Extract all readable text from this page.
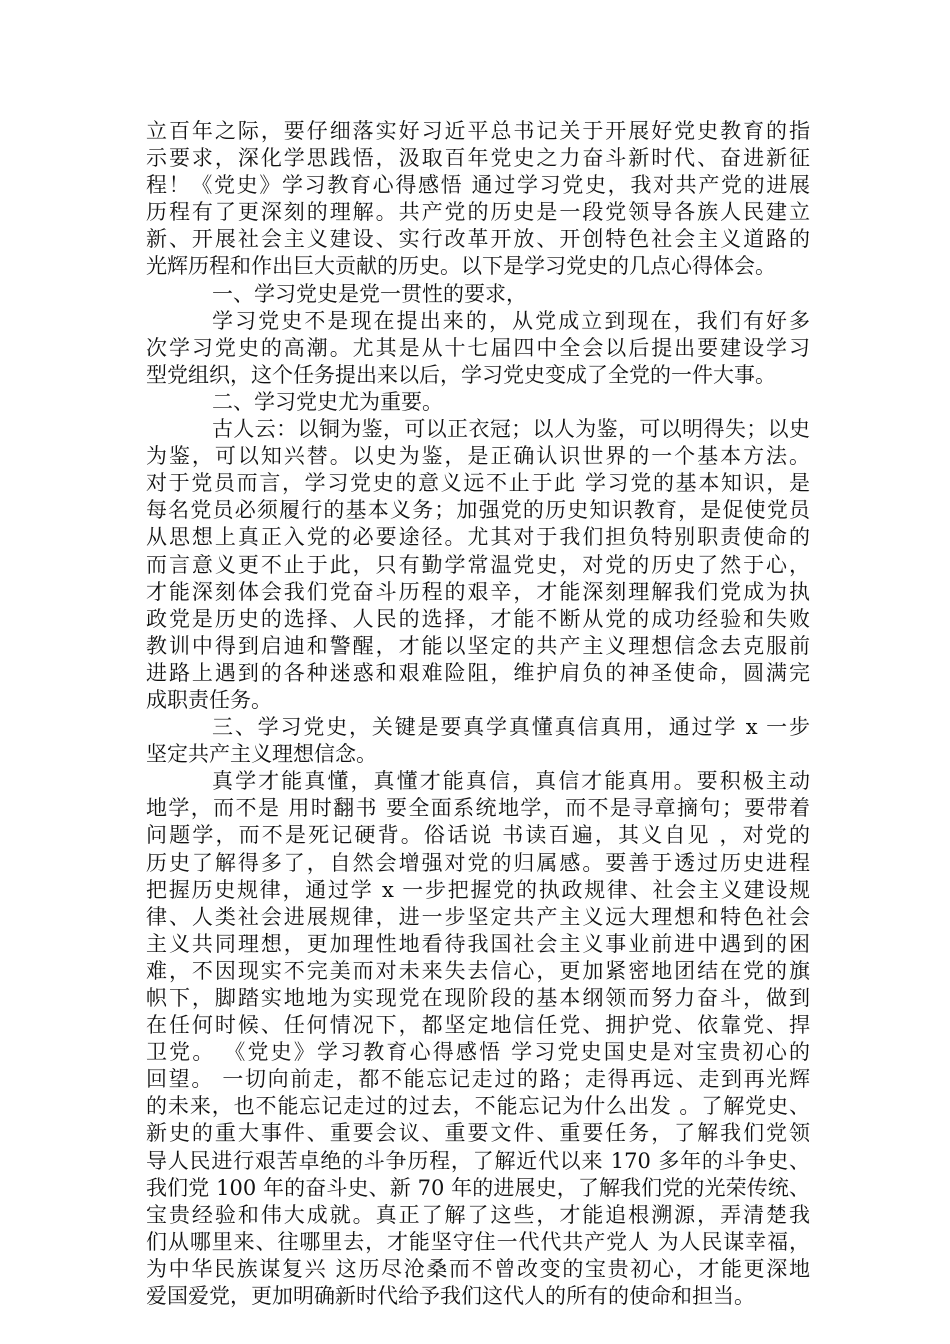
立百年之际，要仔细落实好习近平总书记关于开展好党史教育的指
示要求，深化学思践悟，汲取百年党史之力奋斗新时代、奋进新征
程！《党史》学习教育心得感悟 通过学习党史，我对共产党的进展
历程有了更深刻的理解。共产党的历史是一段党领导各族人民建立
新、开展社会主义建设、实行改革开放、开创特色社会主义道路的
光辉历程和作出巨大贡献的历史。以下是学习党史的几点心得体会。
一、学习党史是党一贯性的要求，
学习党史不是现在提出来的，从党成立到现在，我们有好多
次学习党史的高潮。尤其是从十七届四中全会以后提出要建设学习
型党组织，这个任务提出来以后，学习党史变成了全党的一件大事。
二、学习党史尤为重要。
古人云：以铜为鉴，可以正衣冠；以人为鉴，可以明得失；以史
为鉴，可以知兴替。以史为鉴，是正确认识世界的一个基本方法。
对于党员而言，学习党史的意义远不止于此 学习党的基本知识，是
每名党员必须履行的基本义务；加强党的历史知识教育，是促使党员
从思想上真正入党的必要途径。尤其对于我们担负特别职责使命的
而言意义更不止于此，只有勤学常温党史，对党的历史了然于心，
才能深刻体会我们党奋斗历程的艰辛，才能深刻理解我们党成为执
政党是历史的选择、人民的选择，才能不断从党的成功经验和失败
教训中得到启迪和警醒，才能以坚定的共产主义理想信念去克服前
进路上遇到的各种迷惑和艰难险阻，维护肩负的神圣使命，圆满完
成职责任务。
三、学习党史，关键是要真学真懂真信真用，通过学 x 一步
坚定共产主义理想信念。
真学才能真懂，真懂才能真信，真信才能真用。要积极主动
地学，而不是 用时翻书 要全面系统地学，而不是寻章摘句；要带着
问题学，而不是死记硬背。俗话说 书读百遍，其义自见 ，对党的
历史了解得多了，自然会增强对党的归属感。要善于透过历史进程
把握历史规律，通过学 x 一步把握党的执政规律、社会主义建设规
律、人类社会进展规律，进一步坚定共产主义远大理想和特色社会
主义共同理想，更加理性地看待我国社会主义事业前进中遇到的困
难，不因现实不完美而对未来失去信心，更加紧密地团结在党的旗
帜下，脚踏实地地为实现党在现阶段的基本纲领而努力奋斗，做到
在任何时候、任何情况下，都坚定地信任党、拥护党、依靠党、捍
卫党。 《党史》学习教育心得感悟 学习党史国史是对宝贵初心的
回望。 一切向前走，都不能忘记走过的路；走得再远、走到再光辉
的未来，也不能忘记走过的过去，不能忘记为什么出发 。了解党史、
新史的重大事件、重要会议、重要文件、重要任务，了解我们党领
导人民进行艰苦卓绝的斗争历程，了解近代以来 170 多年的斗争史、
我们党 100 年的奋斗史、新 70 年的进展史，了解我们党的光荣传统、
宝贵经验和伟大成就。真正了解了这些，才能追根溯源，弄清楚我
们从哪里来、往哪里去，才能坚守住一代代共产党人 为人民谋幸福，
为中华民族谋复兴 这历尽沧桑而不曾改变的宝贵初心，才能更深地
爱国爱党，更加明确新时代给予我们这代人的所有的使命和担当。
